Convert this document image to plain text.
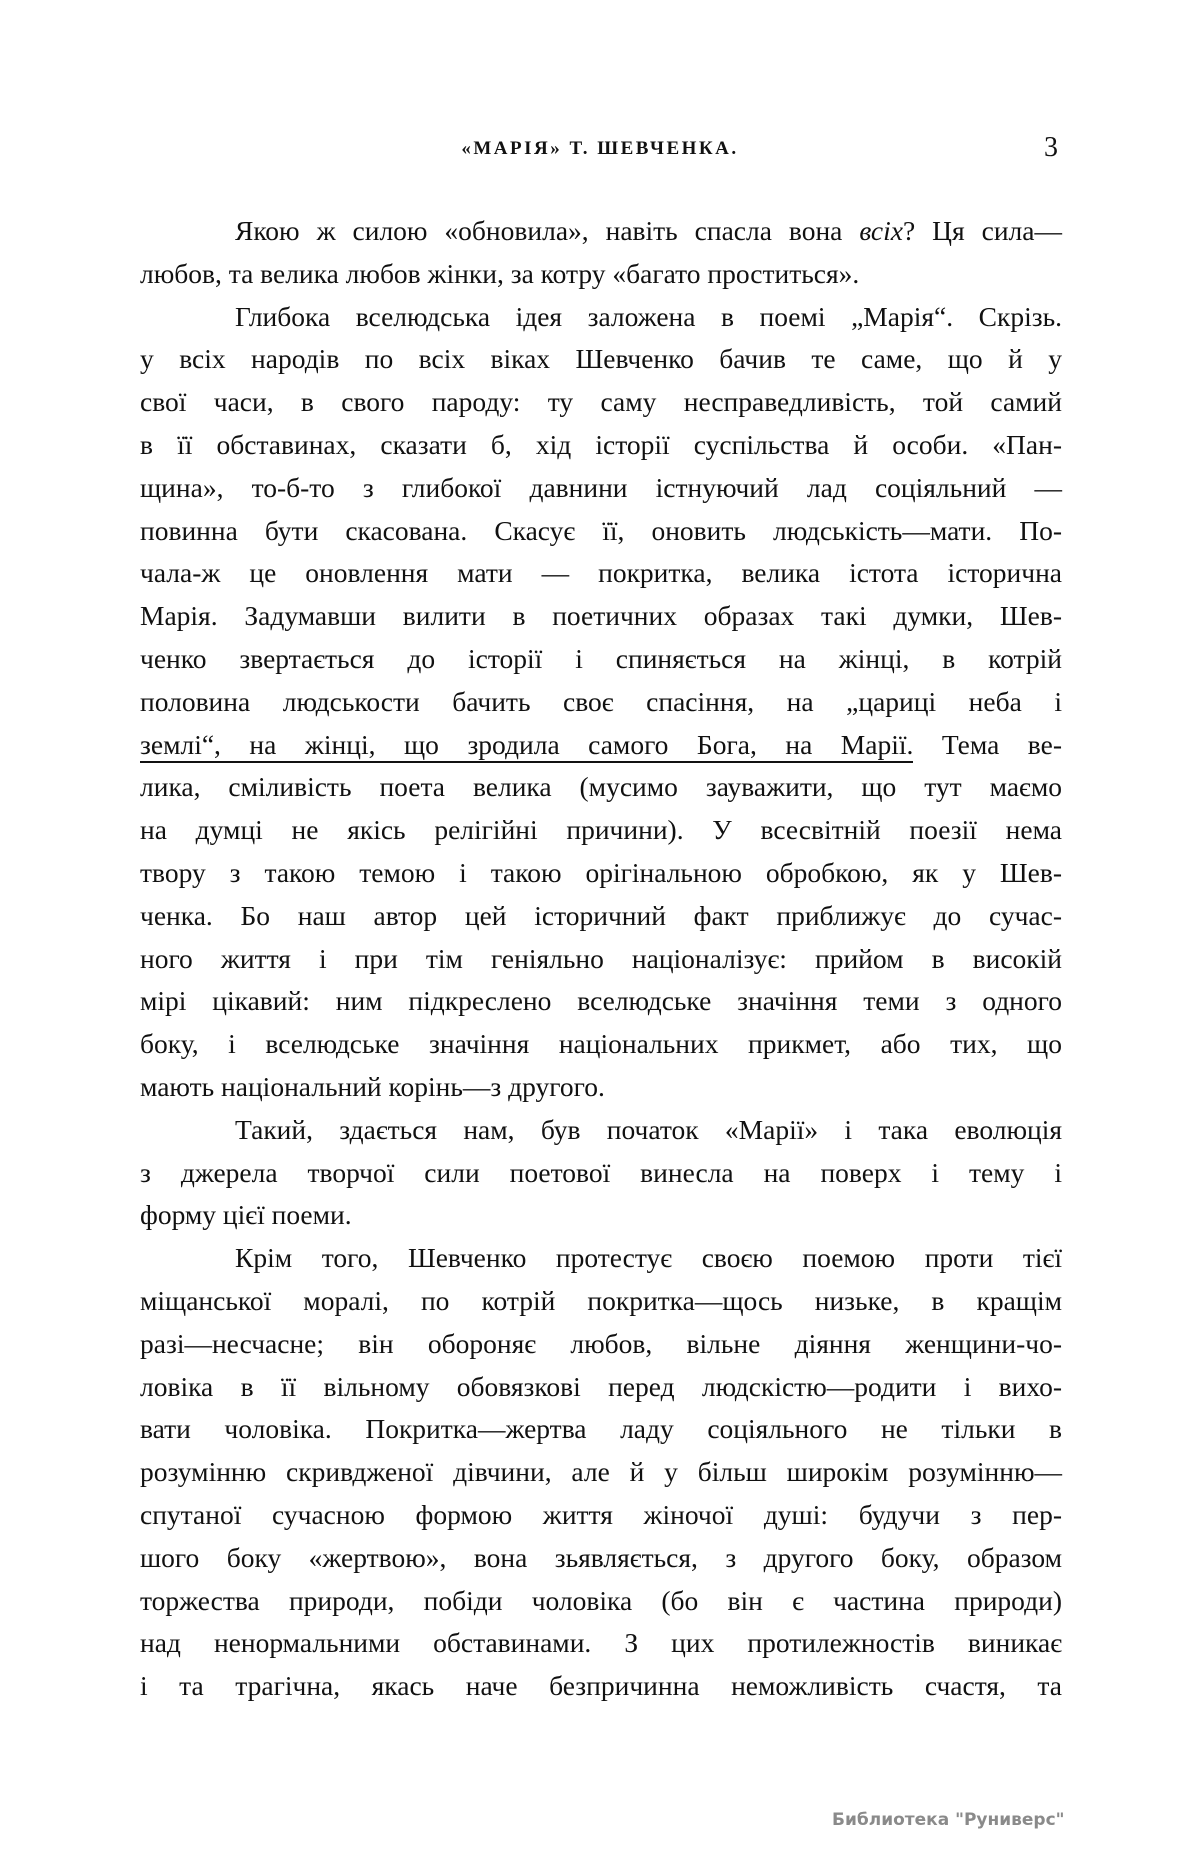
«МАРІЯ» Т. ШЕВЧЕНКА.	3
Якою ж силою «обновила», навіть спасла вона всіх? Ця сила—
любов, та велика любов жінки, за котру «багато проститься».
Глибока вселюдська ідея заложена в поемі „Марія“. Скрізь.
у всіх народів по всіх віках Шевченко бачив те саме, що й у
свої часи, в свого пароду: ту саму несправедливість, той самий
в її обставинах, сказати б, хід історії суспільства й особи. «Пан-
щина», то-б-то з глибокої давнини істнуючий лад соціяльний —
повинна бути скасована. Скасує її, оновить людськість—мати. По-
чала-ж це оновлення мати — покритка, велика істота історична
Марія. Задумавши вилити в поетичних образах такі думки, Шев-
ченко звертається до історії і спиняється на жінці, в котрій
половина людськости бачить своє спасіння, на „цариці неба і
землі“, на жінці, що зродила самого Бога, на Марії. Тема ве-
лика, сміливість поета велика (мусимо зауважити, що тут маємо
на думці не якісь релігійні причини). У всесвітній поезії нема
твору з такою темою і такою орігінальною обробкою, як у Шев-
ченка. Бо наш автор цей історичний факт приближує до сучас-
ного життя і при тім геніяльно націоналізує: прийом в високій
мірі цікавий: ним підкреслено вселюдське значіння теми з одного
боку, і вселюдське значіння національних прикмет, або тих, що
мають національний корінь—з другого.
Такий, здається нам, був початок «Марії» і така еволюція
з джерела творчої сили поетової винесла на поверх і тему і
форму цієї поеми.
Крім того, Шевченко протестує своєю поемою проти тієї
міщанської моралі, по котрій покритка—щось низьке, в кращім
разі—несчасне; він обороняє любов, вільне діяння женщини-чо-
ловіка в її вільному обовязкові перед людскістю—родити і вихо-
вати чоловіка. Покритка—жертва ладу соціяльного не тільки в
розумінню скривдженої дівчини, але й у більш широкім розумінню—
спутаної сучасною формою життя жіночої душі: будучи з пер-
шого боку «жертвою», вона зьявляється, з другого боку, образом
торжества природи, побіди чоловіка (бо він є частина природи)
над ненормальними обставинами. З цих протилежностів виникає
і та трагічна, якась наче безпричинна неможливість счастя, та
Библиотека "Руниверс"
